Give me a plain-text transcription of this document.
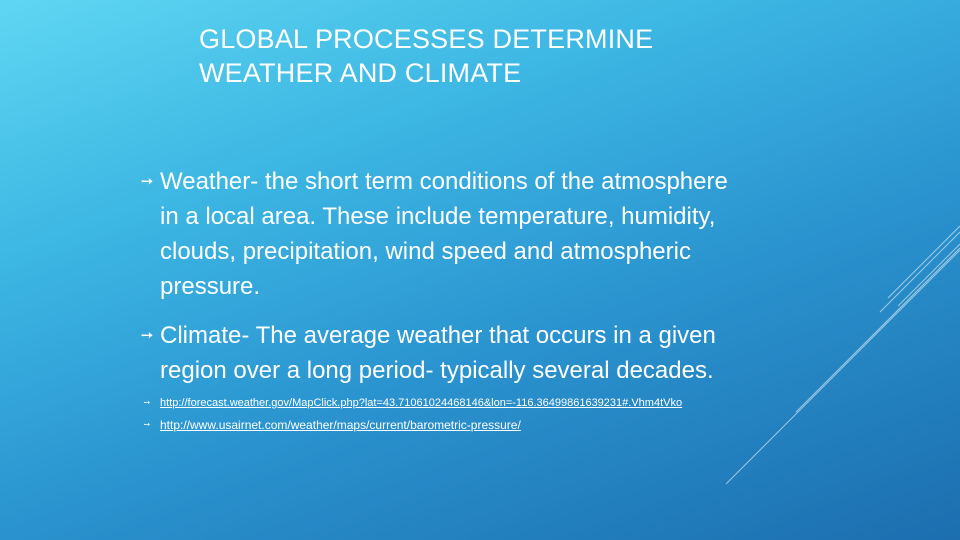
GLOBAL PROCESSES DETERMINE
WEATHER AND CLIMATE
➙ Weather- the short term conditions of the atmosphere
in a local area. These include temperature, humidity,
clouds, precipitation, wind speed and atmospheric
pressure.
➙ Climate- The average weather that occurs in a given
region over a long period- typically several decades.
➙ http://forecast.weather.gov/MapClick.php?lat=43.71061024468146&lon=-116.36499861639231#.Vhm4tVko
➙ http://www.usairnet.com/weather/maps/current/barometric-pressure/
